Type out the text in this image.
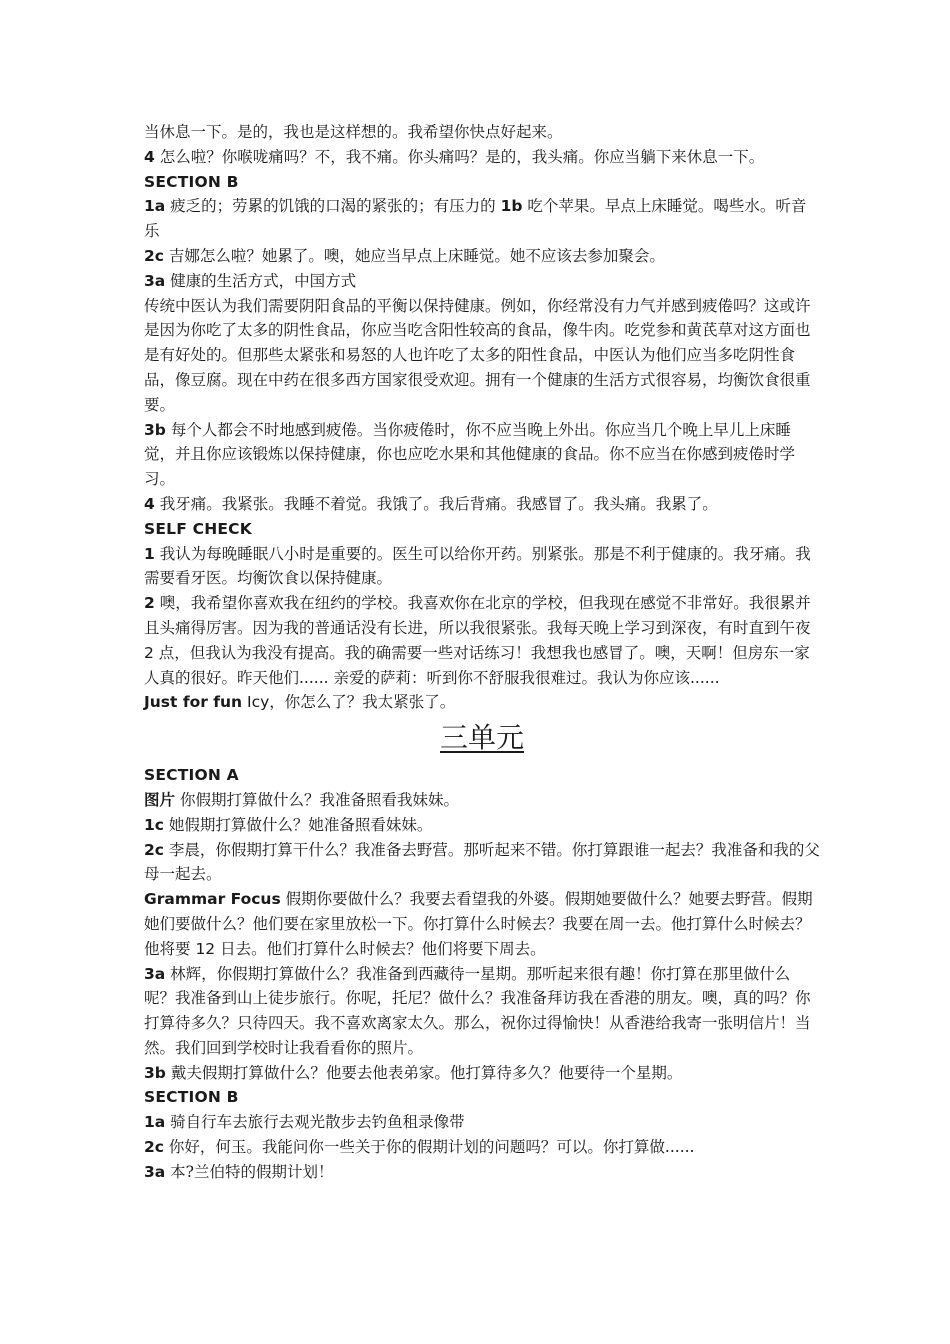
当休息一下。是的，我也是这样想的。我希望你快点好起来。

4 怎么啦？你喉咙痛吗？不，我不痛。你头痛吗？是的，我头痛。你应当躺下来休息一下。

SECTION B

1a 疲乏的；劳累的饥饿的口渴的紧张的；有压力的 1b 吃个苹果。早点上床睡觉。喝些水。听音乐

2c 吉娜怎么啦？她累了。噢，她应当早点上床睡觉。她不应该去参加聚会。

3a 健康的生活方式，中国方式

传统中医认为我们需要阴阳食品的平衡以保持健康。例如，你经常没有力气并感到疲倦吗？这或许是因为你吃了太多的阴性食品，你应当吃含阳性较高的食品，像牛肉。吃党参和黄芪草对这方面也是有好处的。但那些太紧张和易怒的人也许吃了太多的阳性食品，中医认为他们应当多吃阴性食品，像豆腐。现在中药在很多西方国家很受欢迎。拥有一个健康的生活方式很容易，均衡饮食很重要。

3b 每个人都会不时地感到疲倦。当你疲倦时，你不应当晚上外出。你应当几个晚上早儿上床睡觉，并且你应该锻炼以保持健康，你也应吃水果和其他健康的食品。你不应当在你感到疲倦时学习。

4 我牙痛。我紧张。我睡不着觉。我饿了。我后背痛。我感冒了。我头痛。我累了。

SELF CHECK

1 我认为每晚睡眠八小时是重要的。医生可以给你开药。别紧张。那是不利于健康的。我牙痛。我需要看牙医。均衡饮食以保持健康。

2 噢，我希望你喜欢我在纽约的学校。我喜欢你在北京的学校，但我现在感觉不非常好。我很累并且头痛得厉害。因为我的普通话没有长进，所以我很紧张。我每天晚上学习到深夜，有时直到午夜 2 点，但我认为我没有提高。我的确需要一些对话练习！我想我也感冒了。噢，天啊！但房东一家人真的很好。昨天他们...... 亲爱的萨莉：听到你不舒服我很难过。我认为你应该......

Just for fun Icy，你怎么了？我太紧张了。

三单元

SECTION A

图片 你假期打算做什么？我准备照看我妹妹。

1c 她假期打算做什么？她准备照看妹妹。

2c 李晨，你假期打算干什么？我准备去野营。那听起来不错。你打算跟谁一起去？我准备和我的父母一起去。

Grammar Focus 假期你要做什么？我要去看望我的外婆。假期她要做什么？她要去野营。假期她们要做什么？他们要在家里放松一下。你打算什么时候去？我要在周一去。他打算什么时候去？他将要 12 日去。他们打算什么时候去？他们将要下周去。

3a 林辉，你假期打算做什么？我准备到西藏待一星期。那听起来很有趣！你打算在那里做什么呢？我准备到山上徒步旅行。你呢，托尼？做什么？我准备拜访我在香港的朋友。噢，真的吗？你打算待多久？只待四天。我不喜欢离家太久。那么，祝你过得愉快！从香港给我寄一张明信片！当然。我们回到学校时让我看看你的照片。

3b 戴夫假期打算做什么？他要去他表弟家。他打算待多久？他要待一个星期。

SECTION B

1a 骑自行车去旅行去观光散步去钓鱼租录像带

2c 你好，何玉。我能问你一些关于你的假期计划的问题吗？可以。你打算做......

3a 本?兰伯特的假期计划！
